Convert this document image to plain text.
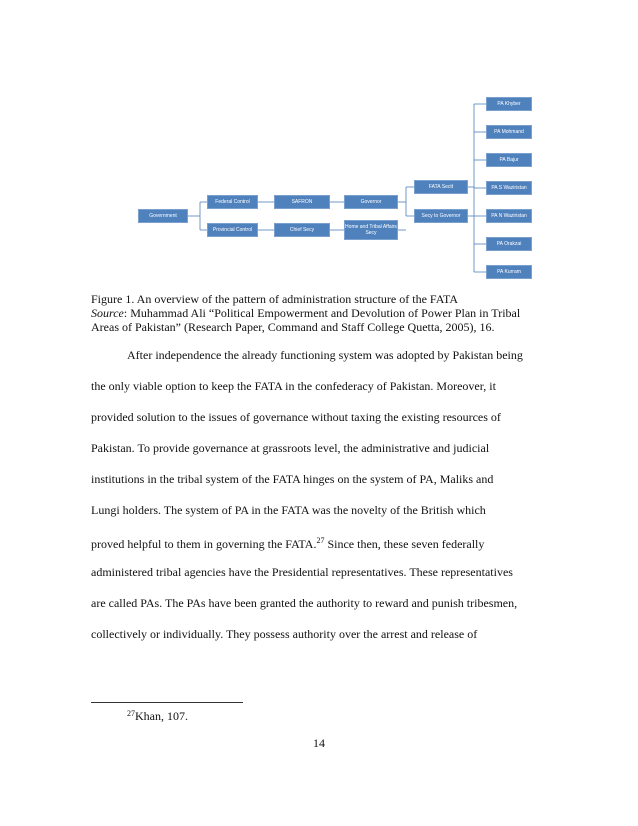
Government
Federal Control
Provincial Control
SAFRON
Chief Secy
Governor
Home and Tribal Affairs Secy
FATA Sectt
Secy to Governor
PA Khyber
PA Mohmand
PA Bajur
PA S Waziristan
PA N Waziristan
PA Orakzai
PA Kurram
Figure 1. An overview of the pattern of administration structure of the FATA
Source: Muhammad Ali “Political Empowerment and Devolution of Power Plan in Tribal
Areas of Pakistan” (Research Paper, Command and Staff College Quetta, 2005), 16.
After independence the already functioning system was adopted by Pakistan being
the only viable option to keep the FATA in the confederacy of Pakistan. Moreover, it
provided solution to the issues of governance without taxing the existing resources of
Pakistan. To provide governance at grassroots level, the administrative and judicial
institutions in the tribal system of the FATA hinges on the system of PA, Maliks and
Lungi holders. The system of PA in the FATA was the novelty of the British which
proved helpful to them in governing the FATA.$^{27}$ Since then, these seven federally
administered tribal agencies have the Presidential representatives. These representatives
are called PAs. The PAs have been granted the authority to reward and punish tribesmen,
collectively or individually. They possess authority over the arrest and release of
$^{27}$Khan, 107.
14
